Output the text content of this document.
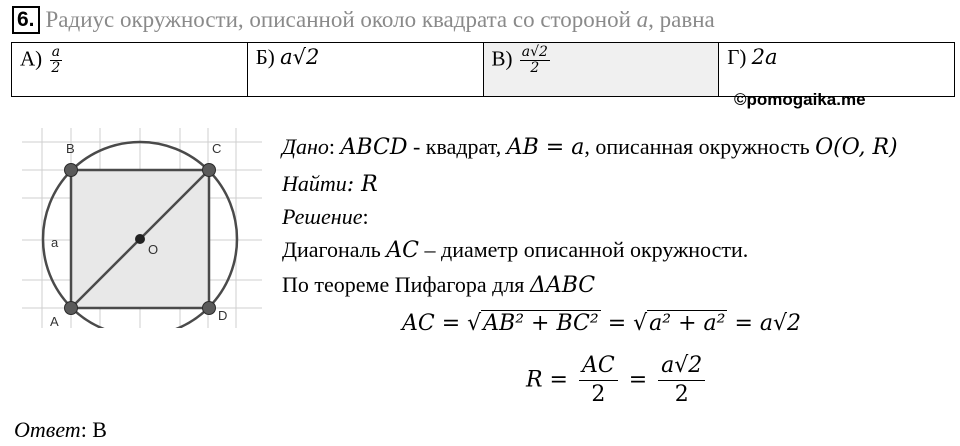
6. Радиус окружности, описанной около квадрата со стороной
a , равна
$А) \frac{a}{2}$	Б) a√2	$В) \frac{a√2}{2}$	Г) 2a
©pomogaika.me
B	C
A	D
O
a
Дано: ABCD - квадрат, AB = a, описанная окружность O(O, R)
Найти: R
Решение:
Диагональ AC – диаметр описанной окружности.
По теореме Пифагора для ΔABC
AC = √AB² + BC² = √a² + a² = a√2
$R = \frac{AC}{2} = \frac{a√2}{2}$
Ответ: В
